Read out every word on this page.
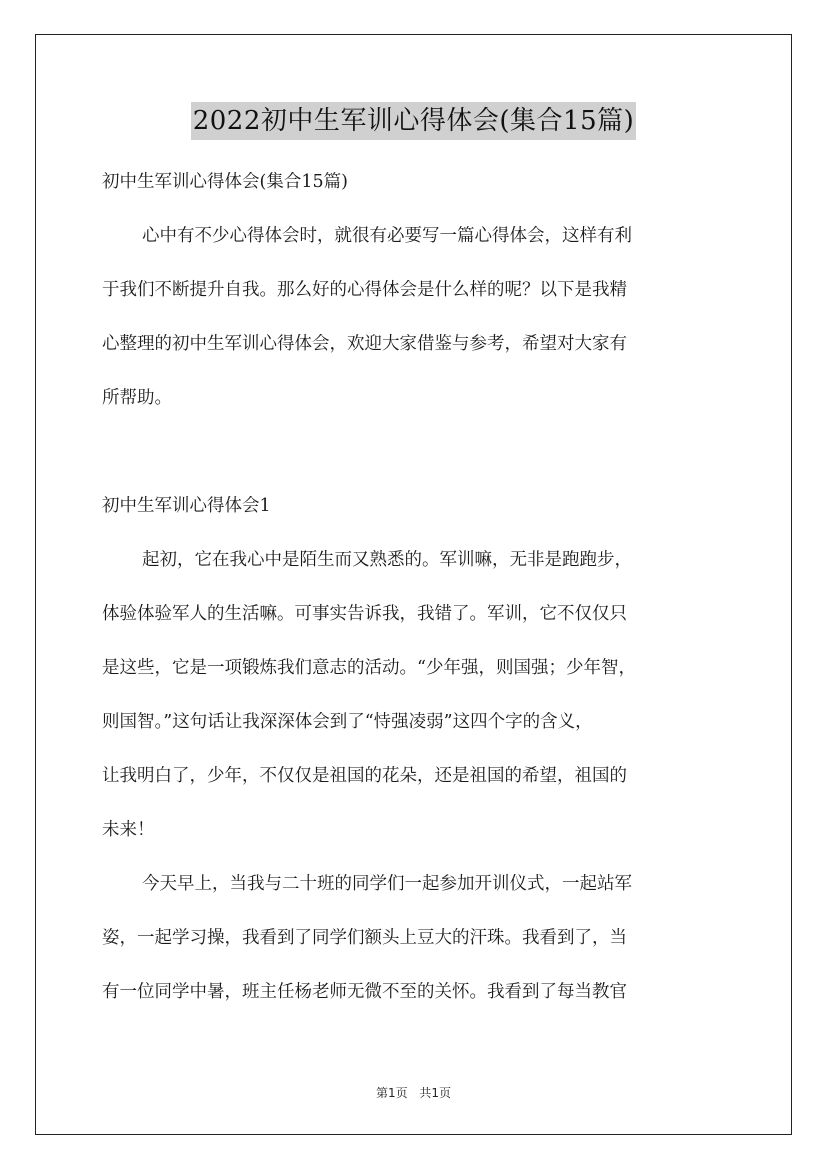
2022初中生军训心得体会(集合15篇)
初中生军训心得体会(集合15篇)
心中有不少心得体会时，就很有必要写一篇心得体会，这样有利
于我们不断提升自我。那么好的心得体会是什么样的呢？以下是我精
心整理的初中生军训心得体会，欢迎大家借鉴与参考，希望对大家有
所帮助。
初中生军训心得体会1
起初，它在我心中是陌生而又熟悉的。军训嘛，无非是跑跑步，
体验体验军人的生活嘛。可事实告诉我，我错了。军训，它不仅仅只
是这些，它是一项锻炼我们意志的活动。“少年强，则国强；少年智，
则国智。”这句话让我深深体会到了“恃强凌弱”这四个字的含义，
让我明白了，少年，不仅仅是祖国的花朵，还是祖国的希望，祖国的
未来！
今天早上，当我与二十班的同学们一起参加开训仪式，一起站军
姿，一起学习操，我看到了同学们额头上豆大的汗珠。我看到了，当
有一位同学中暑，班主任杨老师无微不至的关怀。我看到了每当教官
第1页 共1页
